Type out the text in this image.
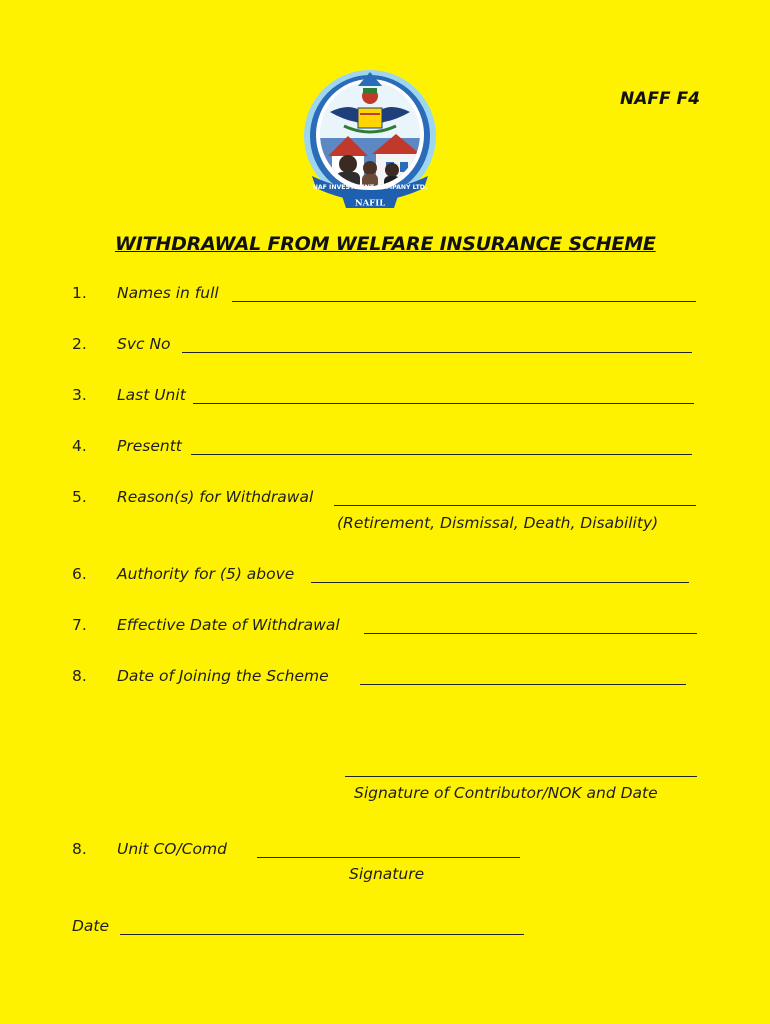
NAF INVESTMENT COMPANY LTD.
NAFIL
NAFF F4
WITHDRAWAL FROM WELFARE INSURANCE SCHEME
1. Names in full
2. Svc No
3. Last Unit
4. Presentt
5. Reason(s) for Withdrawal
(Retirement, Dismissal, Death, Disability)
6. Authority for (5) above
7. Effective Date of Withdrawal
8. Date of Joining the Scheme
Signature of Contributor/NOK and Date
8. Unit CO/Comd
Signature
Date
